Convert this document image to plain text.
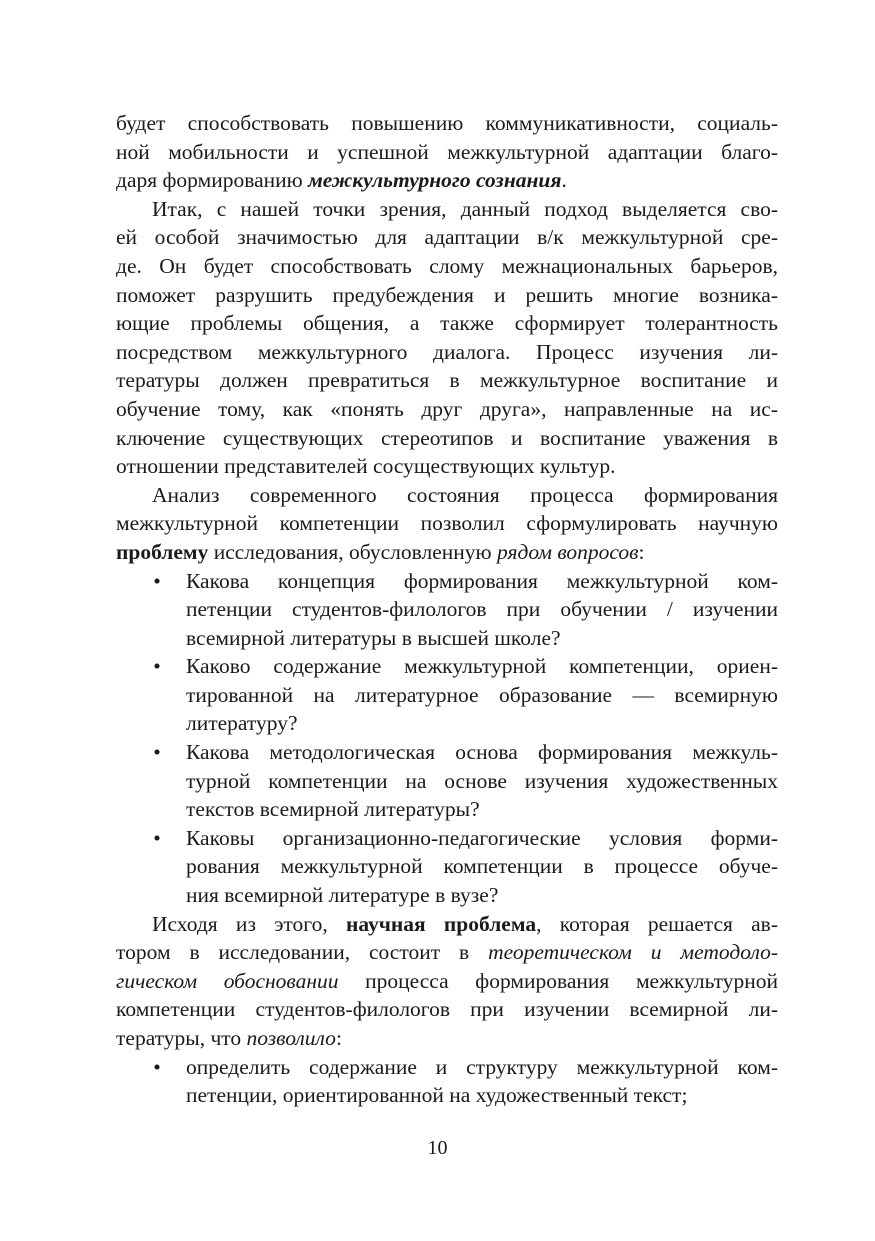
будет способствовать повышению коммуникативности, социаль-
ной мобильности и успешной межкультурной адаптации благо-
даря формированию межкультурного сознания.

Итак, с нашей точки зрения, данный подход выделяется сво-
ей особой значимостью для адаптации в/к межкультурной сре-
де. Он будет способствовать слому межнациональных барьеров,
поможет разрушить предубеждения и решить многие возника-
ющие проблемы общения, а также сформирует толерантность
посредством межкультурного диалога. Процесс изучения ли-
тературы должен превратиться в межкультурное воспитание и
обучение тому, как «понять друг друга», направленные на ис-
ключение существующих стереотипов и воспитание уважения в
отношении представителей сосуществующих культур.

Анализ современного состояния процесса формирования
межкультурной компетенции позволил сформулировать научную
проблему исследования, обусловленную рядом вопросов:

• Какова концепция формирования межкультурной ком-
петенции студентов-филологов при обучении / изучении
всемирной литературы в высшей школе?

• Каково содержание межкультурной компетенции, ориен-
тированной на литературное образование — всемирную
литературу?

• Какова методологическая основа формирования межкуль-
турной компетенции на основе изучения художественных
текстов всемирной литературы?

• Каковы организационно-педагогические условия форми-
рования межкультурной компетенции в процессе обуче-
ния всемирной литературе в вузе?

Исходя из этого, научная проблема, которая решается ав-
тором в исследовании, состоит в теоретическом и методоло-
гическом обосновании процесса формирования межкультурной
компетенции студентов-филологов при изучении всемирной ли-
тературы, что позволило:

• определить содержание и структуру межкультурной ком-
петенции, ориентированной на художественный текст;

10
